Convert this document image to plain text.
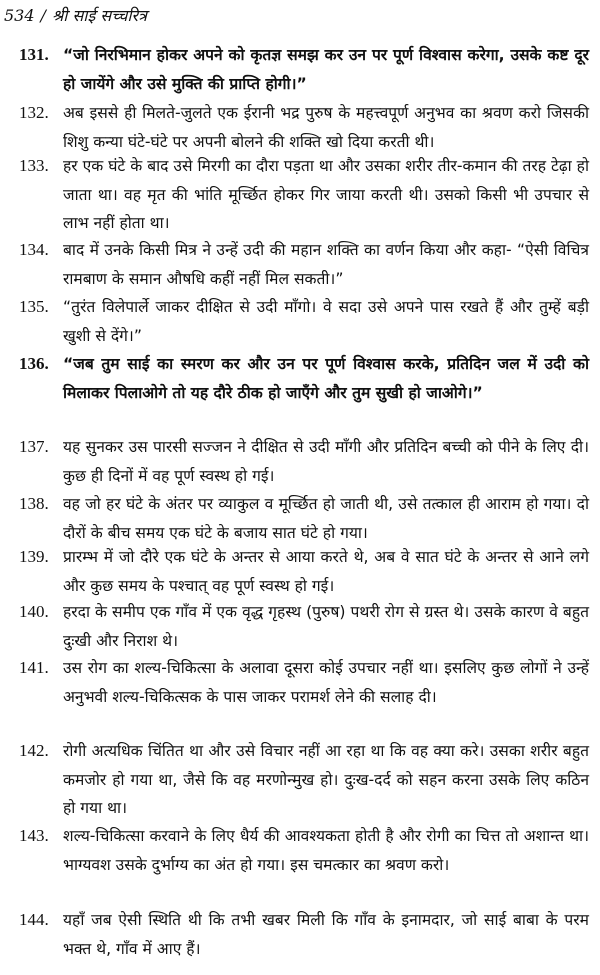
534 / श्री साई सच्चरित्र
131. “जो निरभिमान होकर अपने को कृतज्ञ समझ कर उन पर पूर्ण विश्वास करेगा, उसके कष्ट दूर हो जायेंगे और उसे मुक्ति की प्राप्ति होगी।”
132. अब इससे ही मिलते-जुलते एक ईरानी भद्र पुरुष के महत्त्वपूर्ण अनुभव का श्रवण करो जिसकी शिशु कन्या घंटे-घंटे पर अपनी बोलने की शक्ति खो दिया करती थी।
133. हर एक घंटे के बाद उसे मिरगी का दौरा पड़ता था और उसका शरीर तीर-कमान की तरह टेढ़ा हो जाता था। वह मृत की भांति मूर्च्छित होकर गिर जाया करती थी। उसको किसी भी उपचार से लाभ नहीं होता था।
134. बाद में उनके किसी मित्र ने उन्हें उदी की महान शक्ति का वर्णन किया और कहा- “ऐसी विचित्र रामबाण के समान औषधि कहीं नहीं मिल सकती।”
135. “तुरंत विलेपार्ले जाकर दीक्षित से उदी माँगो। वे सदा उसे अपने पास रखते हैं और तुम्हें बड़ी खुशी से देंगे।”
136. “जब तुम साई का स्मरण कर और उन पर पूर्ण विश्वास करके, प्रतिदिन जल में उदी को मिलाकर पिलाओगे तो यह दौरे ठीक हो जाएँगे और तुम सुखी हो जाओगे।”
137. यह सुनकर उस पारसी सज्जन ने दीक्षित से उदी माँगी और प्रतिदिन बच्ची को पीने के लिए दी। कुछ ही दिनों में वह पूर्ण स्वस्थ हो गई।
138. वह जो हर घंटे के अंतर पर व्याकुल व मूर्च्छित हो जाती थी, उसे तत्काल ही आराम हो गया। दो दौरों के बीच समय एक घंटे के बजाय सात घंटे हो गया।
139. प्रारम्भ में जो दौरे एक घंटे के अन्तर से आया करते थे, अब वे सात घंटे के अन्तर से आने लगे और कुछ समय के पश्चात् वह पूर्ण स्वस्थ हो गई।
140. हरदा के समीप एक गाँव में एक वृद्ध गृहस्थ (पुरुष) पथरी रोग से ग्रस्त थे। उसके कारण वे बहुत दुःखी और निराश थे।
141. उस रोग का शल्य-चिकित्सा के अलावा दूसरा कोई उपचार नहीं था। इसलिए कुछ लोगों ने उन्हें अनुभवी शल्य-चिकित्सक के पास जाकर परामर्श लेने की सलाह दी।
142. रोगी अत्यधिक चिंतित था और उसे विचार नहीं आ रहा था कि वह क्या करे। उसका शरीर बहुत कमजोर हो गया था, जैसे कि वह मरणोन्मुख हो। दुःख-दर्द को सहन करना उसके लिए कठिन हो गया था।
143. शल्य-चिकित्सा करवाने के लिए धैर्य की आवश्यकता होती है और रोगी का चित्त तो अशान्त था। भाग्यवश उसके दुर्भाग्य का अंत हो गया। इस चमत्कार का श्रवण करो।
144. यहाँ जब ऐसी स्थिति थी कि तभी खबर मिली कि गाँव के इनामदार, जो साई बाबा के परम भक्त थे, गाँव में आए हैं।
